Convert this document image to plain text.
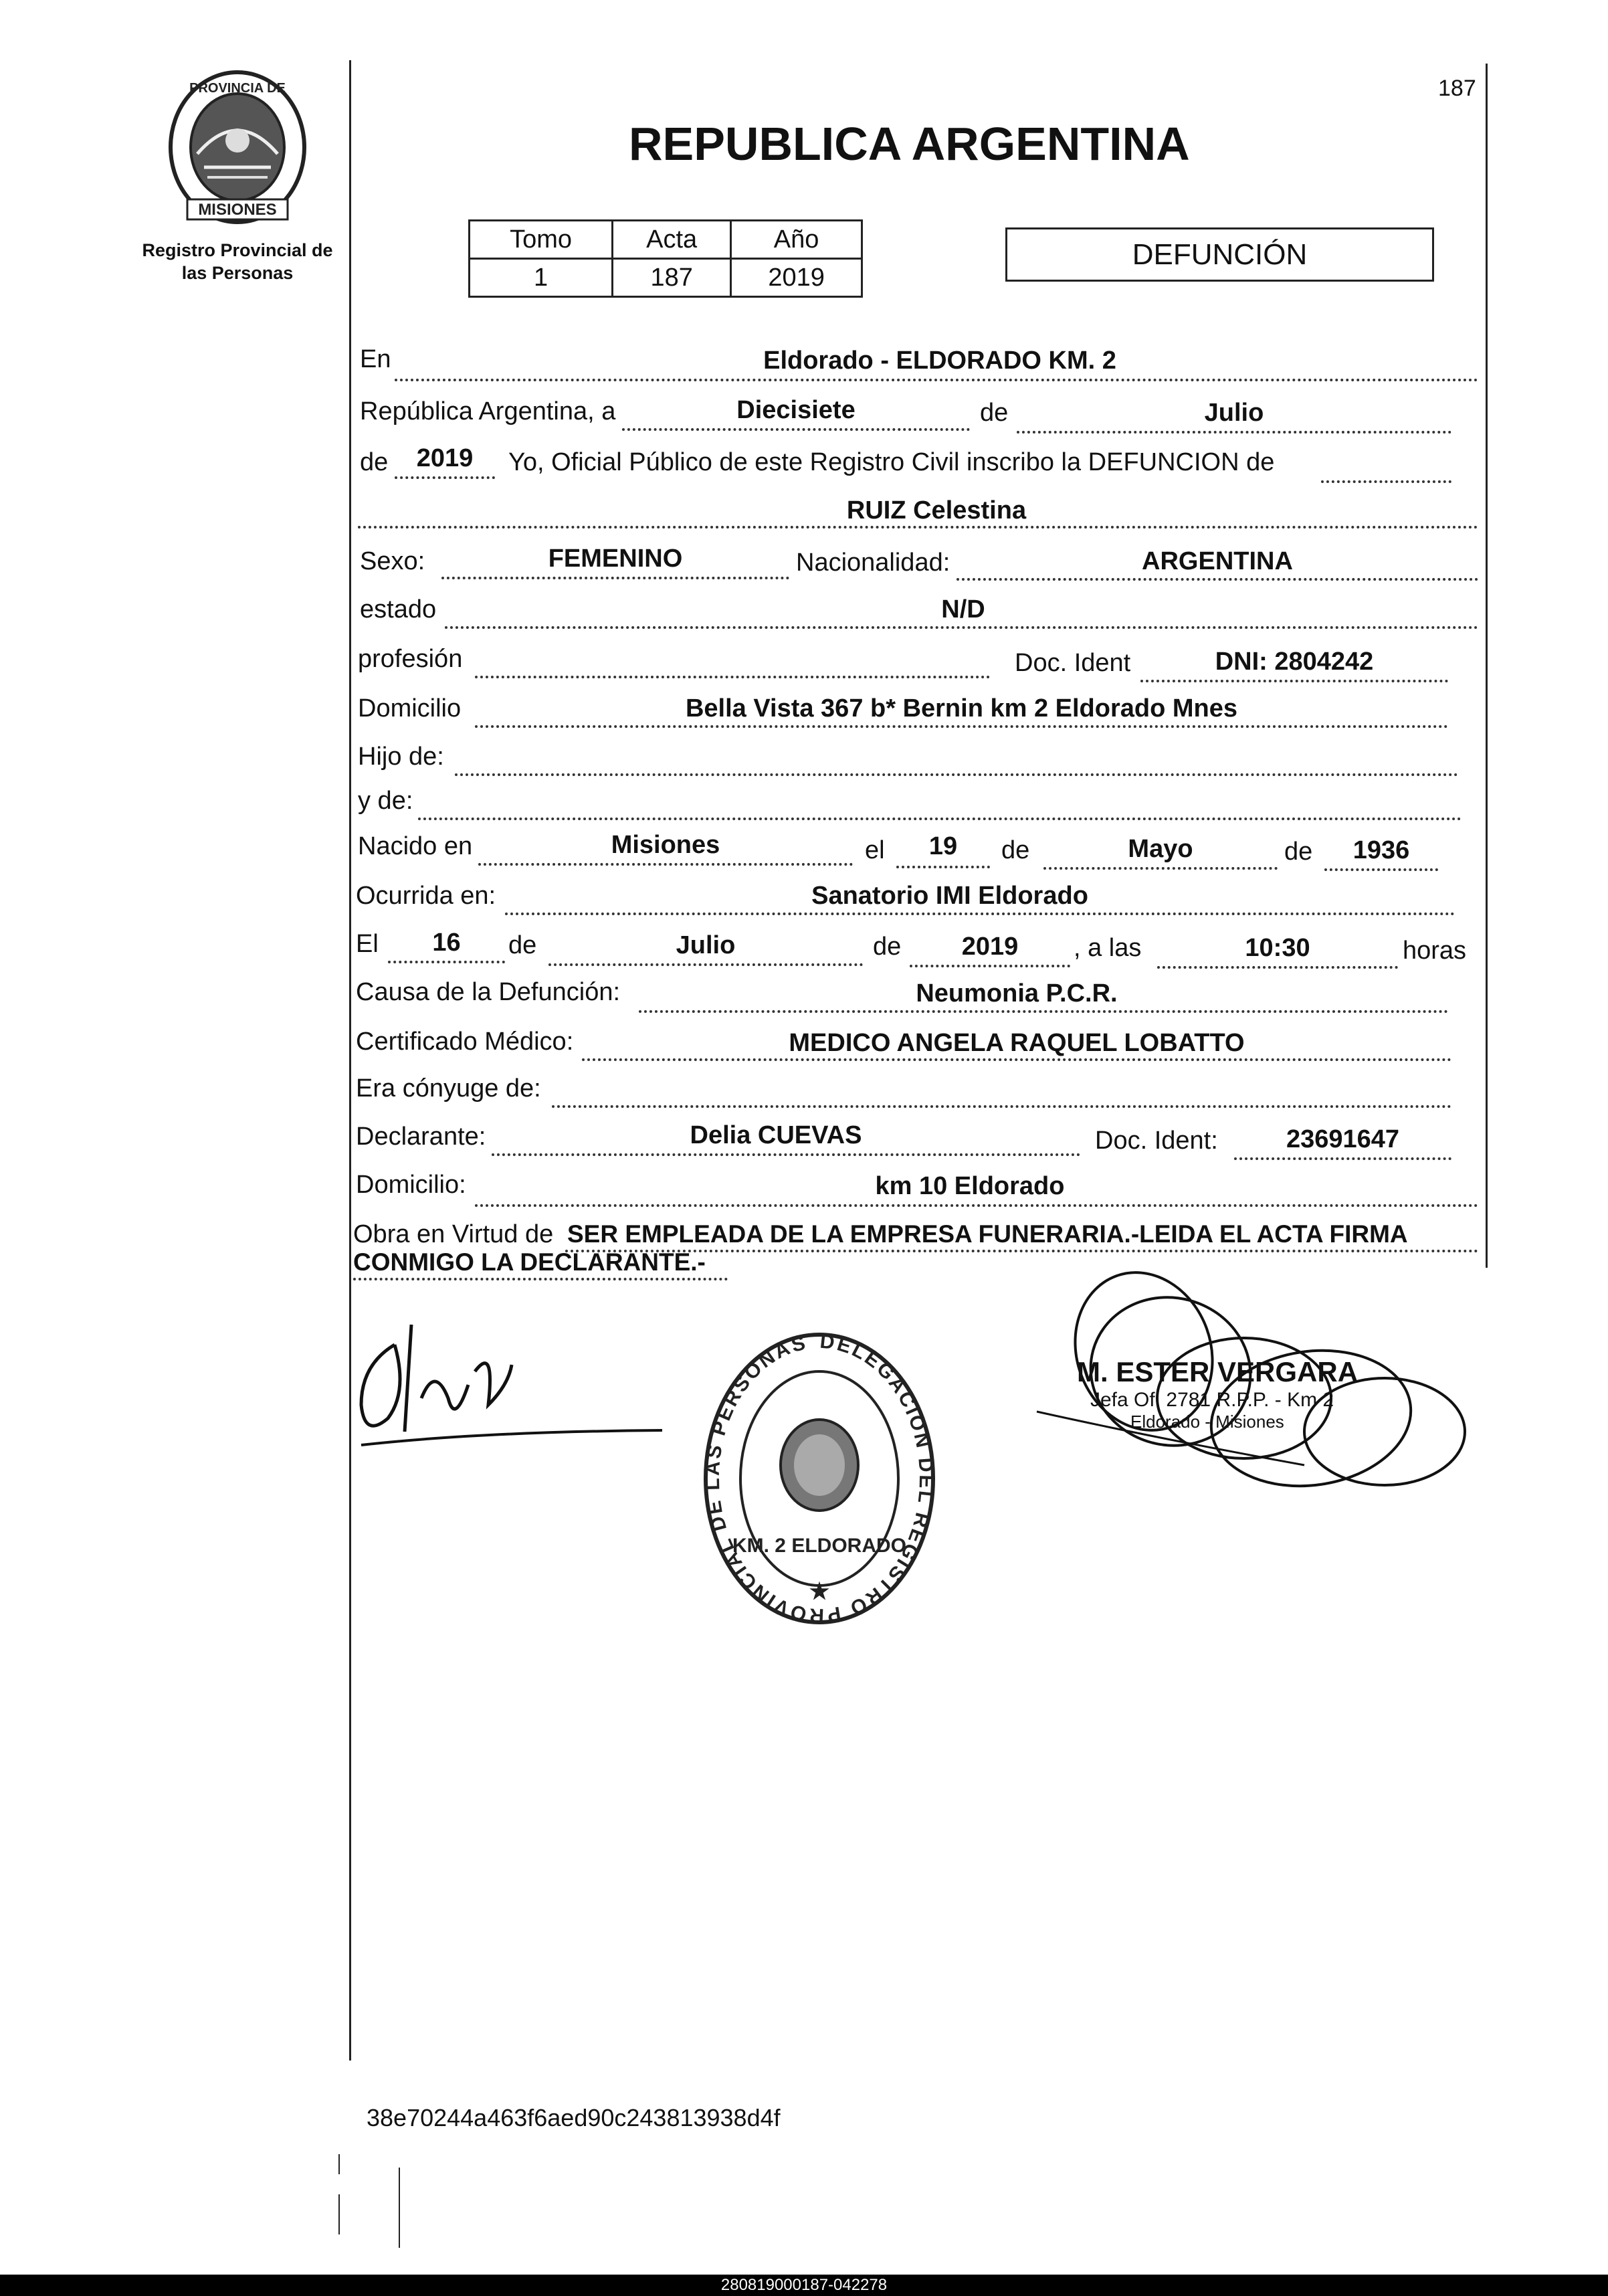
PROVINCIA DE
MISIONES
Registro Provincial de
las Personas
187
REPUBLICA ARGENTINA
Tomo	Acta	Año
1	187	2019
DEFUNCIÓN
En	Eldorado - ELDORADO KM. 2
República Argentina, a	Diecisiete	de	Julio
de	2019	Yo, Oficial Público de este Registro Civil inscribo la DEFUNCION de
RUIZ Celestina
Sexo:	FEMENINO	Nacionalidad:	ARGENTINA
estado	N/D
profesión	Doc. Ident	DNI: 2804242
Domicilio	Bella Vista 367 b* Bernin km 2 Eldorado Mnes
Hijo de:
y de:
Nacido en	Misiones	el	19	de	Mayo	de	1936
Ocurrida en:	Sanatorio IMI Eldorado
El	16	de	Julio	de	2019	, a las	10:30	horas
Causa de la Defunción:	Neumonia P.C.R.
Certificado Médico:	MEDICO ANGELA RAQUEL LOBATTO
Era cónyuge de:
Declarante:	Delia CUEVAS	Doc. Ident:	23691647
Domicilio:	km 10 Eldorado
Obra en Virtud de SER EMPLEADA DE LA EMPRESA FUNERARIA.-LEIDA EL ACTA FIRMA
CONMIGO LA DECLARANTE.-
DELEGACION DEL REGISTRO PROVINCIAL DE LAS PERSONAS
KM. 2 ELDORADO
★
M. ESTER VERGARA
Jefa Of. 2781 R.P.P. - Km 2
Eldorado - Misiones
38e70244a463f6aed90c243813938d4f
280819000187-042278
